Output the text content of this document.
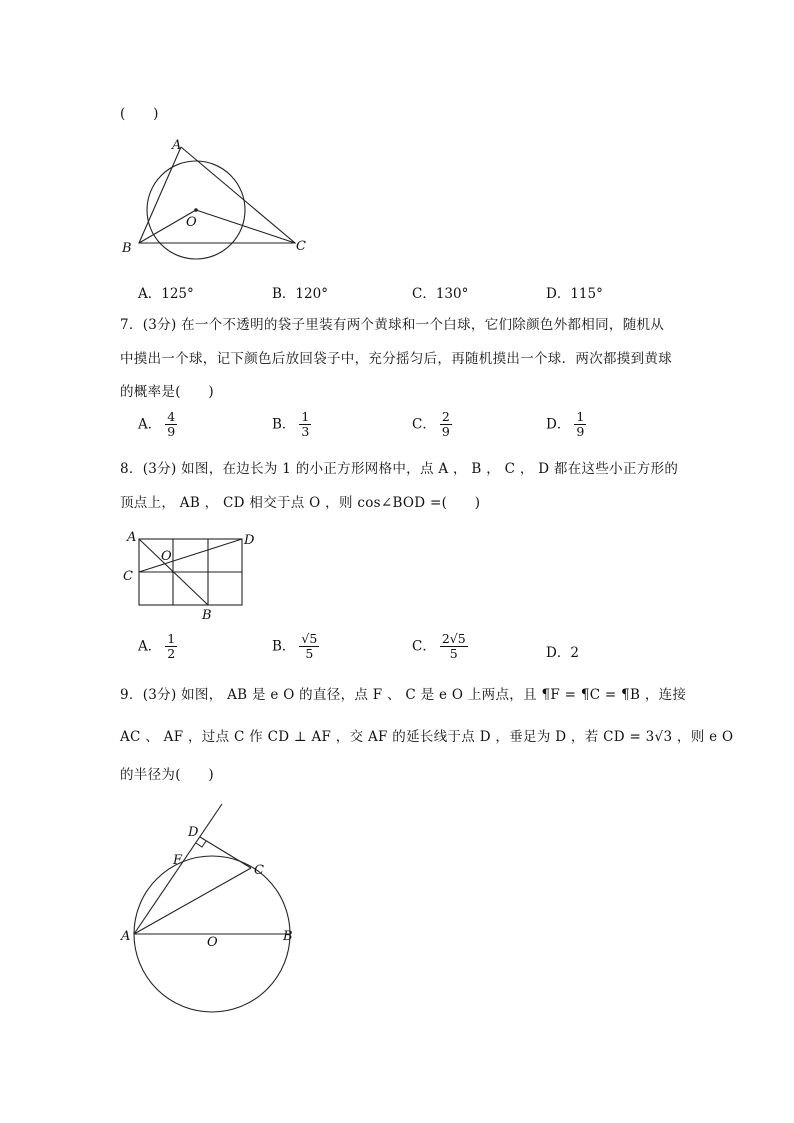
(　　)
A
B	C
O
A．125°	B．120°	C．130°	D．115°
7．(3分) 在一个不透明的袋子里装有两个黄球和一个白球，它们除颜色外都相同，随机从
中摸出一个球，记下颜色后放回袋子中，充分摇匀后，再随机摸出一个球．两次都摸到黄球
的概率是(　　)
A． $\frac{4}{9}$	B． $\frac{1}{3}$	C． $\frac{2}{9}$	D． $\frac{1}{9}$
8．(3分) 如图，在边长为 1 的小正方形网格中，点 A ， B ， C ， D 都在这些小正方形的
顶点上， AB ， CD 相交于点 O ，则 cos∠BOD =(　　)
A	D
O
C
B
A． $\frac{1}{2}$	B． $\frac{√5}{5}$	C． $\frac{2√5}{5}$	D．2
9．(3分) 如图， AB 是 e O 的直径，点 F 、 C 是 e O 上两点，且 ¶F = ¶C = ¶B ，连接
AC 、 AF ，过点 C 作 CD ⊥ AF ，交 AF 的延长线于点 D ，垂足为 D ，若 CD = 3√3 ，则 e O
的半径为(　　)
D
F
C
A	O	B
